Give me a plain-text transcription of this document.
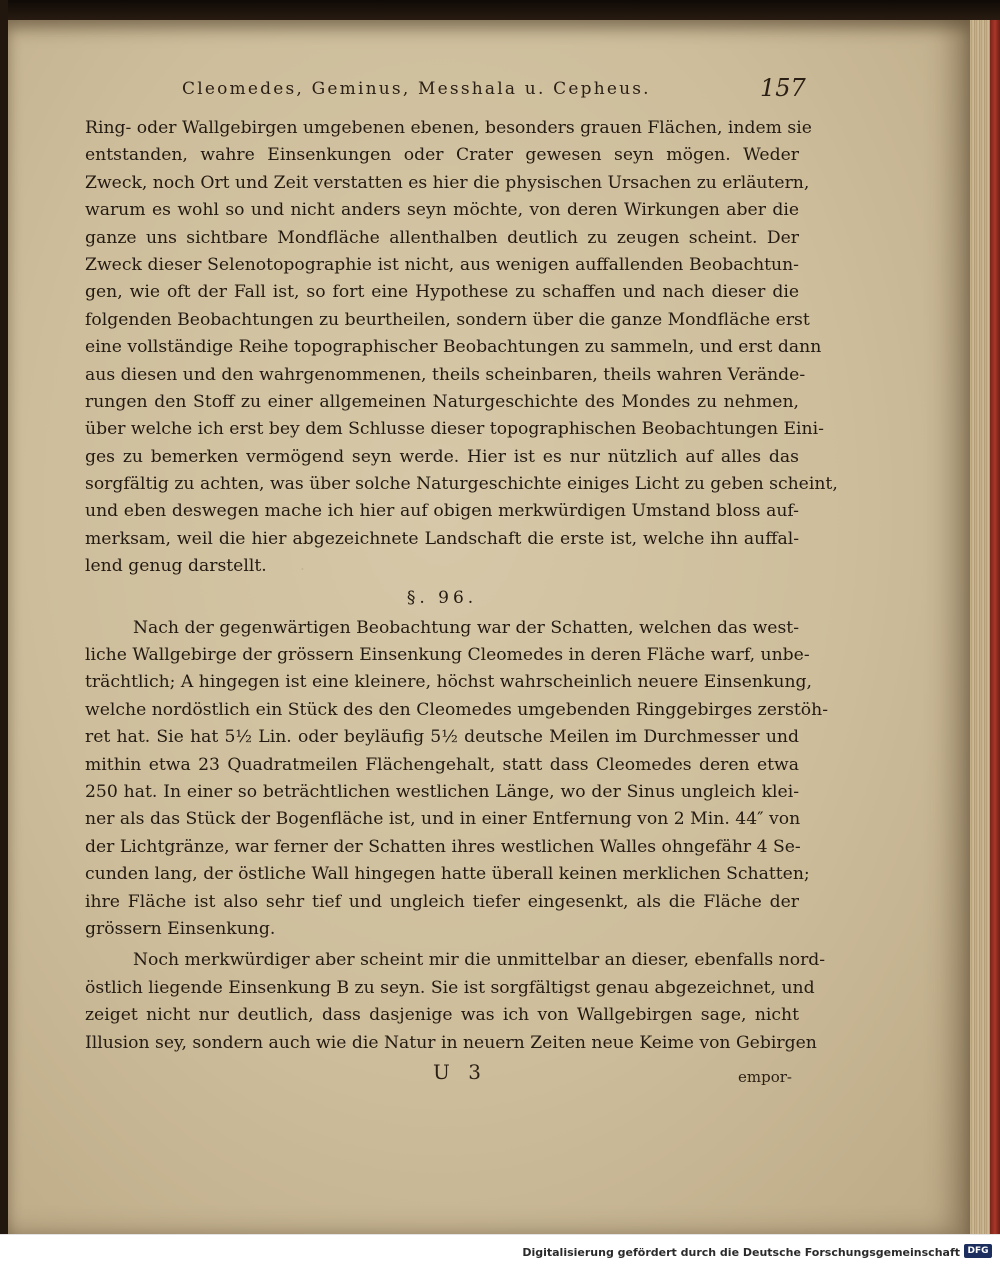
Cleomedes, Geminus, Messhala u. Cepheus.	157
Ring- oder Wallgebirgen umgebenen ebenen, besonders grauen Flächen, indem sie
entstanden, wahre Einsenkungen oder Crater gewesen seyn mögen. Weder
Zweck, noch Ort und Zeit verstatten es hier die physischen Ursachen zu erläutern,
warum es wohl so und nicht anders seyn möchte, von deren Wirkungen aber die
ganze uns sichtbare Mondfläche allenthalben deutlich zu zeugen scheint. Der
Zweck dieser Selenotopographie ist nicht, aus wenigen auffallenden Beobachtun-
gen, wie oft der Fall ist, so fort eine Hypothese zu schaffen und nach dieser die
folgenden Beobachtungen zu beurtheilen, sondern über die ganze Mondfläche erst
eine vollständige Reihe topographischer Beobachtungen zu sammeln, und erst dann
aus diesen und den wahrgenommenen, theils scheinbaren, theils wahren Verände-
rungen den Stoff zu einer allgemeinen Naturgeschichte des Mondes zu nehmen,
über welche ich erst bey dem Schlusse dieser topographischen Beobachtungen Eini-
ges zu bemerken vermögend seyn werde. Hier ist es nur nützlich auf alles das
sorgfältig zu achten, was über solche Naturgeschichte einiges Licht zu geben scheint,
und eben deswegen mache ich hier auf obigen merkwürdigen Umstand bloss auf-
merksam, weil die hier abgezeichnete Landschaft die erste ist, welche ihn auffal-
lend genug darstellt.
§. 96.
Nach der gegenwärtigen Beobachtung war der Schatten, welchen das west-
liche Wallgebirge der grössern Einsenkung Cleomedes in deren Fläche warf, unbe-
trächtlich; A hingegen ist eine kleinere, höchst wahrscheinlich neuere Einsenkung,
welche nordöstlich ein Stück des den Cleomedes umgebenden Ringgebirges zerstöh-
ret hat. Sie hat 5½ Lin. oder beyläufig 5½ deutsche Meilen im Durchmesser und
mithin etwa 23 Quadratmeilen Flächengehalt, statt dass Cleomedes deren etwa
250 hat. In einer so beträchtlichen westlichen Länge, wo der Sinus ungleich klei-
ner als das Stück der Bogenfläche ist, und in einer Entfernung von 2 Min. 44″ von
der Lichtgränze, war ferner der Schatten ihres westlichen Walles ohngefähr 4 Se-
cunden lang, der östliche Wall hingegen hatte überall keinen merklichen Schatten;
ihre Fläche ist also sehr tief und ungleich tiefer eingesenkt, als die Fläche der
grössern Einsenkung.
Noch merkwürdiger aber scheint mir die unmittelbar an dieser, ebenfalls nord-
östlich liegende Einsenkung B zu seyn. Sie ist sorgfältigst genau abgezeichnet, und
zeiget nicht nur deutlich, dass dasjenige was ich von Wallgebirgen sage, nicht
Illusion sey, sondern auch wie die Natur in neuern Zeiten neue Keime von Gebirgen
U 3	empor-
Digitalisierung gefördert durch die Deutsche Forschungsgemeinschaft DFG
